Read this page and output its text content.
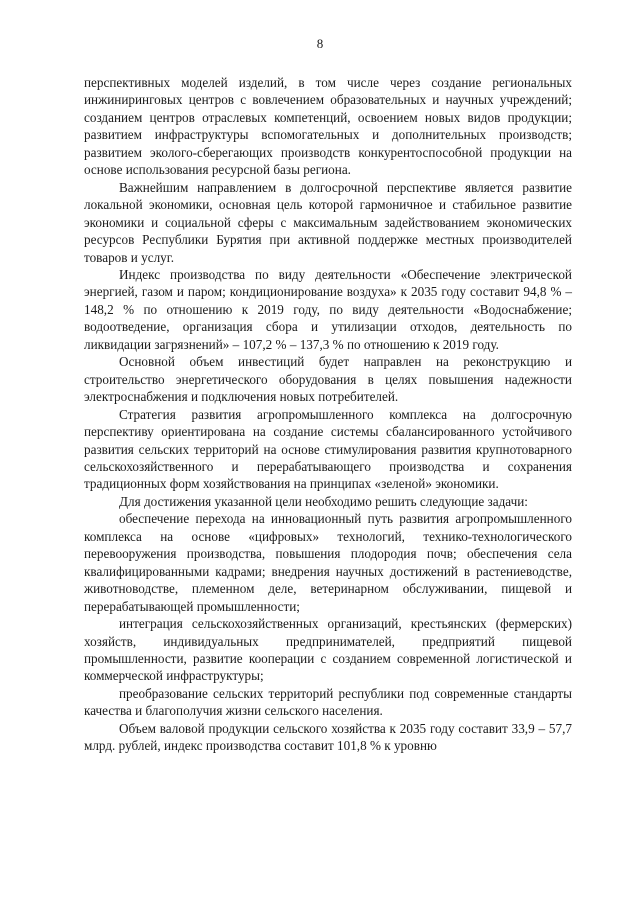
8

перспективных моделей изделий, в том числе через создание региональных инжиниринговых центров с вовлечением образовательных и научных учреждений; созданием центров отраслевых компетенций, освоением новых видов продукции; развитием инфраструктуры вспомогательных и дополнительных производств; развитием эколого-сберегающих производств конкурентоспособной продукции на основе использования ресурсной базы региона.

Важнейшим направлением в долгосрочной перспективе является развитие локальной экономики, основная цель которой гармоничное и стабильное развитие экономики и социальной сферы с максимальным задействованием экономических ресурсов Республики Бурятия при активной поддержке местных производителей товаров и услуг.

Индекс производства по виду деятельности «Обеспечение электрической энергией, газом и паром; кондиционирование воздуха» к 2035 году составит 94,8 % – 148,2 % по отношению к 2019 году, по виду деятельности «Водоснабжение; водоотведение, организация сбора и утилизации отходов, деятельность по ликвидации загрязнений» – 107,2 % – 137,3 % по отношению к 2019 году.

Основной объем инвестиций будет направлен на реконструкцию и строительство энергетического оборудования в целях повышения надежности электроснабжения и подключения новых потребителей.

Стратегия развития агропромышленного комплекса на долгосрочную перспективу ориентирована на создание системы сбалансированного устойчивого развития сельских территорий на основе стимулирования развития крупнотоварного сельскохозяйственного и перерабатывающего производства и сохранения традиционных форм хозяйствования на принципах «зеленой» экономики.

Для достижения указанной цели необходимо решить следующие задачи:

обеспечение перехода на инновационный путь развития агропромышленного комплекса на основе «цифровых» технологий, технико-технологического перевооружения производства, повышения плодородия почв; обеспечения села квалифицированными кадрами; внедрения научных достижений в растениеводстве, животноводстве, племенном деле, ветеринарном обслуживании, пищевой и перерабатывающей промышленности;

интеграция сельскохозяйственных организаций, крестьянских (фермерских) хозяйств, индивидуальных предпринимателей, предприятий пищевой промышленности, развитие кооперации с созданием современной логистической и коммерческой инфраструктуры;

преобразование сельских территорий республики под современные стандарты качества и благополучия жизни сельского населения.

Объем валовой продукции сельского хозяйства к 2035 году составит 33,9 – 57,7 млрд. рублей, индекс производства составит 101,8 % к уровню
